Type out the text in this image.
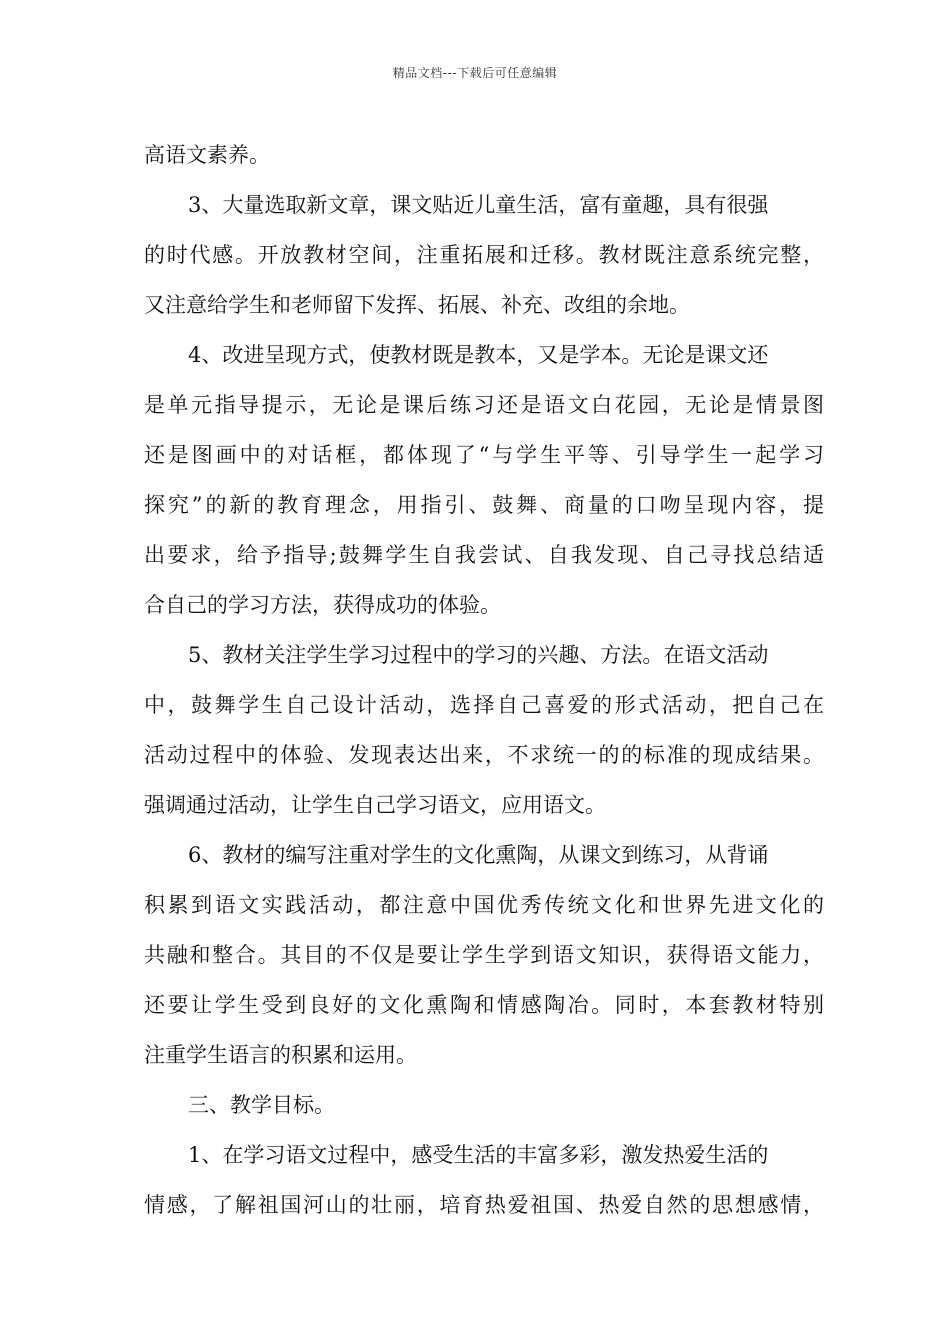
精品文档---下载后可任意编辑
高语文素养。
3、大量选取新文章，课文贴近儿童生活，富有童趣，具有很强
的时代感。开放教材空间，注重拓展和迁移。教材既注意系统完整，
又注意给学生和老师留下发挥、拓展、补充、改组的余地。
4、改进呈现方式，使教材既是教本，又是学本。无论是课文还
是单元指导提示，无论是课后练习还是语文白花园，无论是情景图
还是图画中的对话框，都体现了“与学生平等、引导学生一起学习
探究”的新的教育理念，用指引、鼓舞、商量的口吻呈现内容，提
出要求，给予指导;鼓舞学生自我尝试、自我发现、自己寻找总结适
合自己的学习方法，获得成功的体验。
5、教材关注学生学习过程中的学习的兴趣、方法。在语文活动
中，鼓舞学生自己设计活动，选择自己喜爱的形式活动，把自己在
活动过程中的体验、发现表达出来，不求统一的的标准的现成结果。
强调通过活动，让学生自己学习语文，应用语文。
6、教材的编写注重对学生的文化熏陶，从课文到练习，从背诵
积累到语文实践活动，都注意中国优秀传统文化和世界先进文化的
共融和整合。其目的不仅是要让学生学到语文知识，获得语文能力，
还要让学生受到良好的文化熏陶和情感陶冶。同时，本套教材特别
注重学生语言的积累和运用。
三、教学目标。
1、在学习语文过程中，感受生活的丰富多彩，激发热爱生活的
情感，了解祖国河山的壮丽，培育热爱祖国、热爱自然的思想感情，
